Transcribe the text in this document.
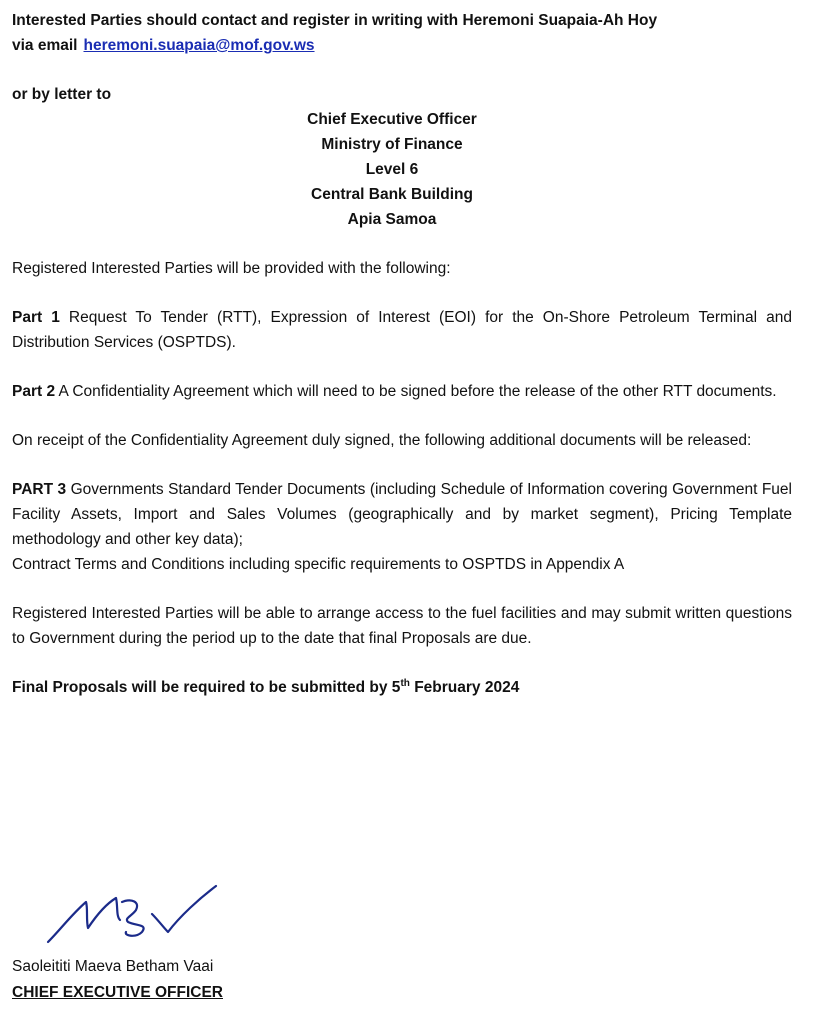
Interested Parties should contact and register in writing with Heremoni Suapaia-Ah Hoy
via email heremoni.suapaia@mof.gov.ws

or by letter to

Chief Executive Officer
Ministry of Finance
Level 6
Central Bank Building
Apia Samoa

Registered Interested Parties will be provided with the following:

Part 1 Request To Tender (RTT), Expression of Interest (EOI) for the On-Shore Petroleum Terminal and Distribution Services (OSPTDS).

Part 2 A Confidentiality Agreement which will need to be signed before the release of the other RTT documents.

On receipt of the Confidentiality Agreement duly signed, the following additional documents will be released:

PART 3 Governments Standard Tender Documents (including Schedule of Information covering Government Fuel Facility Assets, Import and Sales Volumes (geographically and by market segment), Pricing Template methodology and other key data);

Contract Terms and Conditions including specific requirements to OSPTDS in Appendix A

Registered Interested Parties will be able to arrange access to the fuel facilities and may submit written questions to Government during the period up to the date that final Proposals are due.

Final Proposals will be required to be submitted by 5th February 2024

Saoleititi Maeva Betham Vaai
CHIEF EXECUTIVE OFFICER
